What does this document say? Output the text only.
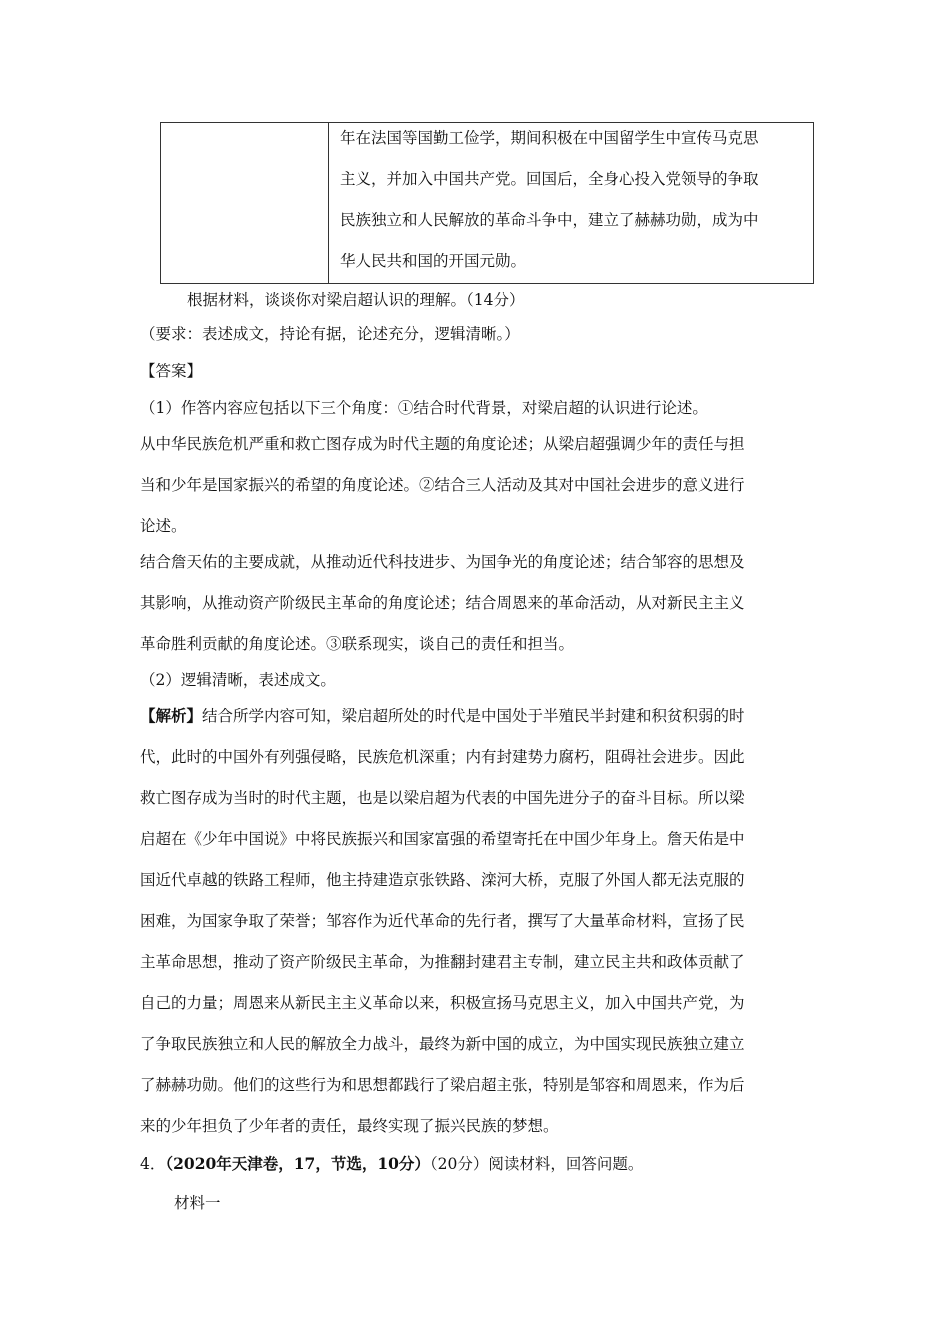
年在法国等国勤工俭学，期间积极在中国留学生中宣传马克思
主义，并加入中国共产党。回国后，全身心投入党领导的争取
民族独立和人民解放的革命斗争中，建立了赫赫功勋，成为中
华人民共和国的开国元勋。
根据材料，谈谈你对梁启超认识的理解。（14分）
（要求：表述成文，持论有据，论述充分，逻辑清晰。）
【答案】
（1）作答内容应包括以下三个角度：①结合时代背景，对梁启超的认识进行论述。
从中华民族危机严重和救亡图存成为时代主题的角度论述；从梁启超强调少年的责任与担
当和少年是国家振兴的希望的角度论述。②结合三人活动及其对中国社会进步的意义进行
论述。
结合詹天佑的主要成就，从推动近代科技进步、为国争光的角度论述；结合邹容的思想及
其影响，从推动资产阶级民主革命的角度论述；结合周恩来的革命活动，从对新民主主义
革命胜利贡献的角度论述。③联系现实，谈自己的责任和担当。
（2）逻辑清晰，表述成文。
【解析】结合所学内容可知，梁启超所处的时代是中国处于半殖民半封建和积贫积弱的时
代，此时的中国外有列强侵略，民族危机深重；内有封建势力腐朽，阻碍社会进步。因此
救亡图存成为当时的时代主题，也是以梁启超为代表的中国先进分子的奋斗目标。所以梁
启超在《少年中国说》中将民族振兴和国家富强的希望寄托在中国少年身上。詹天佑是中
国近代卓越的铁路工程师，他主持建造京张铁路、滦河大桥，克服了外国人都无法克服的
困难，为国家争取了荣誉；邹容作为近代革命的先行者，撰写了大量革命材料，宣扬了民
主革命思想，推动了资产阶级民主革命，为推翻封建君主专制，建立民主共和政体贡献了
自己的力量；周恩来从新民主主义革命以来，积极宣扬马克思主义，加入中国共产党，为
了争取民族独立和人民的解放全力战斗，最终为新中国的成立，为中国实现民族独立建立
了赫赫功勋。他们的这些行为和思想都践行了梁启超主张，特别是邹容和周恩来，作为后
来的少年担负了少年者的责任，最终实现了振兴民族的梦想。
4．（2020年天津卷，17，节选，10分）（20分）阅读材料，回答问题。
材料一
